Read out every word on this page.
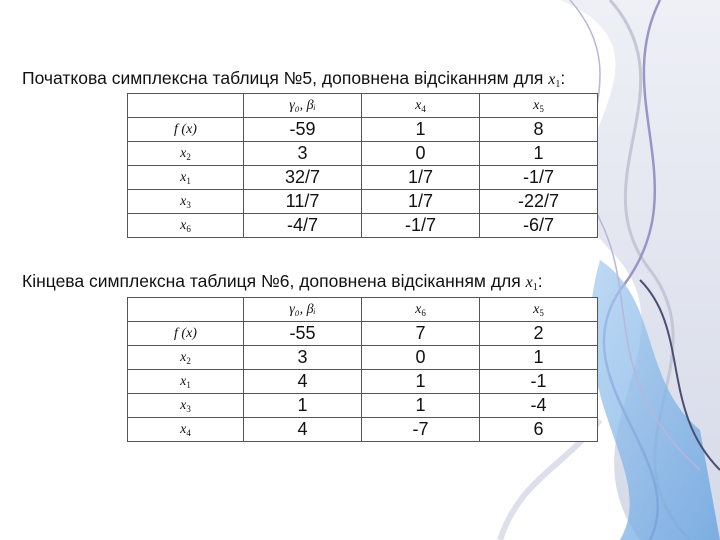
Початкова симплексна таблиця №5, доповнена відсіканням для $x_1$:
	γ₀, βᵢ	$x_4$	$x_5$
f (x)	-59	1	8
$x_2$	3	0	1
$x_1$	32/7	1/7	-1/7
$x_3$	11/7	1/7	-22/7
$x_6$	-4/7	-1/7	-6/7
Кінцева симплексна таблиця №6, доповнена відсіканням для $x_1$:
	γ₀, βᵢ	$x_6$	$x_5$
f (x)	-55	7	2
$x_2$	3	0	1
$x_1$	4	1	-1
$x_3$	1	1	-4
$x_4$	4	-7	6
